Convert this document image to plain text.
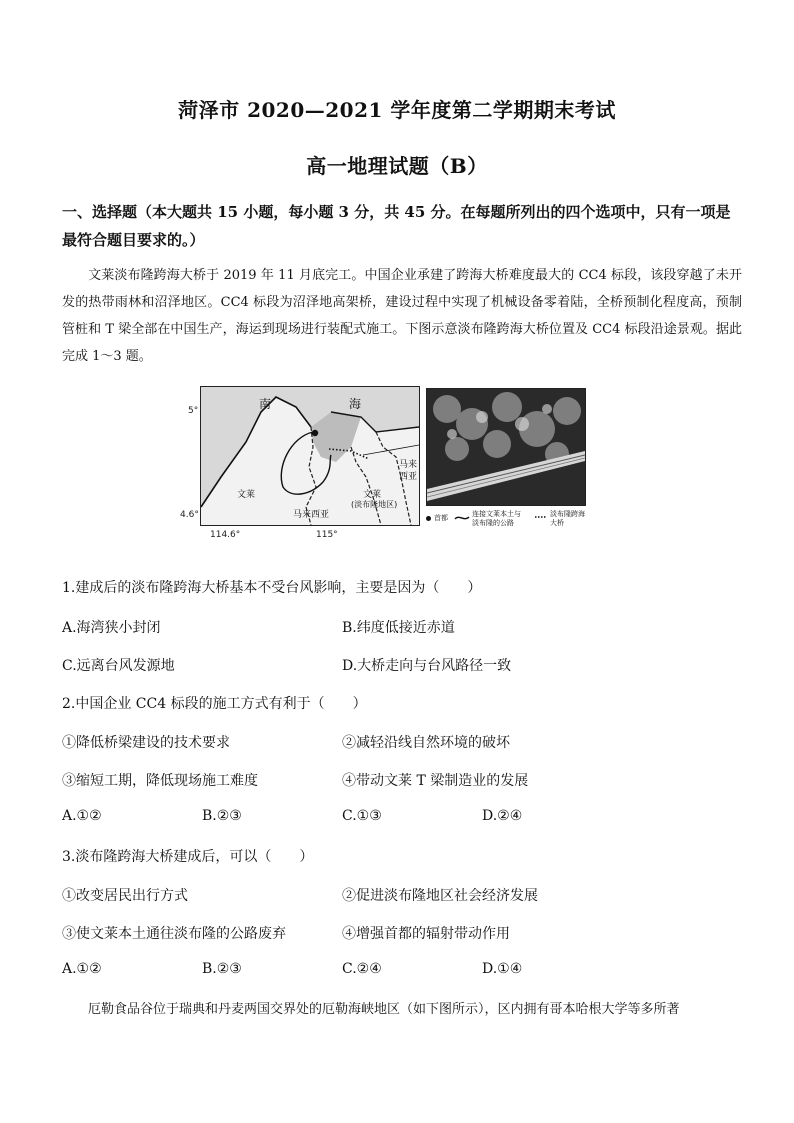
菏泽市 2020—2021 学年度第二学期期末考试
高一地理试题（B）
一、选择题（本大题共 15 小题，每小题 3 分，共 45 分。在每题所列出的四个选项中，只有一项是最符合题目要求的。）
文莱淡布隆跨海大桥于 2019 年 11 月底完工。中国企业承建了跨海大桥难度最大的 CC4 标段，该段穿越了未开发的热带雨林和沼泽地区。CC4 标段为沼泽地高架桥，建设过程中实现了机械设备零着陆，全桥预制化程度高，预制管桩和 T 梁全部在中国生产，海运到现场进行装配式施工。下图示意淡布隆跨海大桥位置及 CC4 标段沿途景观。据此完成 1～3 题。
南	海
文莱
马来西亚
文莱
(淡布隆地区)
马来
西亚
5°
4.6°
114.6°	115°
首都	连接文莱本土与
淡布隆的公路
淡布隆跨海
大桥
1.建成后的淡布隆跨海大桥基本不受台风影响，主要是因为（　　）
A.海湾狭小封闭	B.纬度低接近赤道
C.远离台风发源地	D.大桥走向与台风路径一致
2.中国企业 CC4 标段的施工方式有利于（　　）
①降低桥梁建设的技术要求	②减轻沿线自然环境的破坏
③缩短工期，降低现场施工难度	④带动文莱 T 梁制造业的发展
A.①②	B.②③	C.①③	D.②④
3.淡布隆跨海大桥建成后，可以（　　）
①改变居民出行方式	②促进淡布隆地区社会经济发展
③使文莱本土通往淡布隆的公路废弃	④增强首都的辐射带动作用
A.①②	B.②③	C.②④	D.①④
厄勒食品谷位于瑞典和丹麦两国交界处的厄勒海峡地区（如下图所示），区内拥有哥本哈根大学等多所著
